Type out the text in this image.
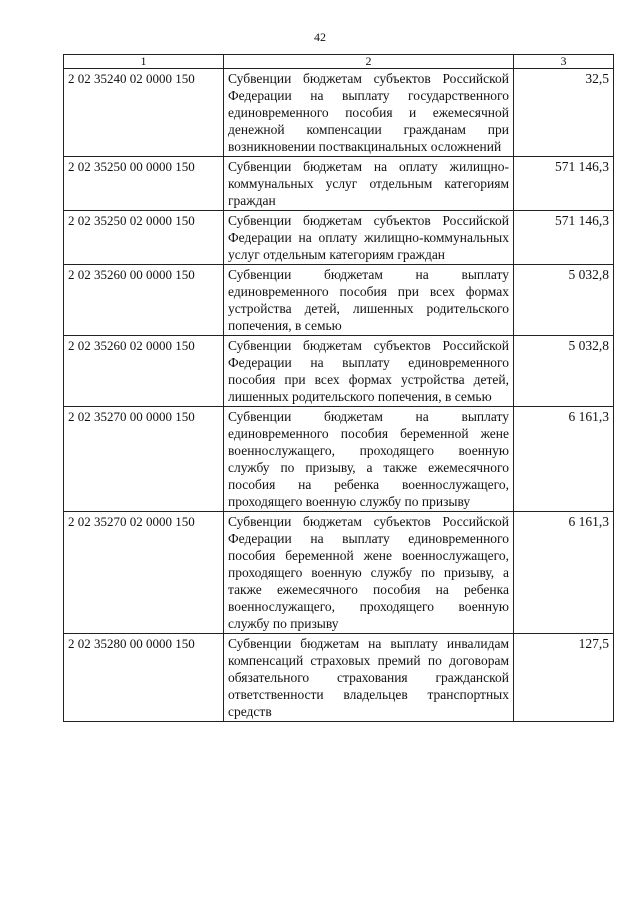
42
1	2	3
2 02 35240 02 0000 150	Субвенции бюджетам субъектов Российской Федерации на выплату государственного единовременного пособия и ежемесячной денежной компенсации гражданам при возникновении поствакцинальных осложнений	32,5
2 02 35250 00 0000 150	Субвенции бюджетам на оплату жилищно-коммунальных услуг отдельным категориям граждан	571 146,3
2 02 35250 02 0000 150	Субвенции бюджетам субъектов Российской Федерации на оплату жилищно-коммунальных услуг отдельным категориям граждан	571 146,3
2 02 35260 00 0000 150	Субвенции бюджетам на выплату единовременного пособия при всех формах устройства детей, лишенных родительского попечения, в семью	5 032,8
2 02 35260 02 0000 150	Субвенции бюджетам субъектов Российской Федерации на выплату единовременного пособия при всех формах устройства детей, лишенных родительского попечения, в семью	5 032,8
2 02 35270 00 0000 150	Субвенции бюджетам на выплату единовременного пособия беременной жене военнослужащего, проходящего военную службу по призыву, а также ежемесячного пособия на ребенка военнослужащего, проходящего военную службу по призыву	6 161,3
2 02 35270 02 0000 150	Субвенции бюджетам субъектов Российской Федерации на выплату единовременного пособия беременной жене военнослужащего, проходящего военную службу по призыву, а также ежемесячного пособия на ребенка военнослужащего, проходящего военную службу по призыву	6 161,3
2 02 35280 00 0000 150	Субвенции бюджетам на выплату инвалидам компенсаций страховых премий по договорам обязательного страхования гражданской ответственности владельцев транспортных средств	127,5
